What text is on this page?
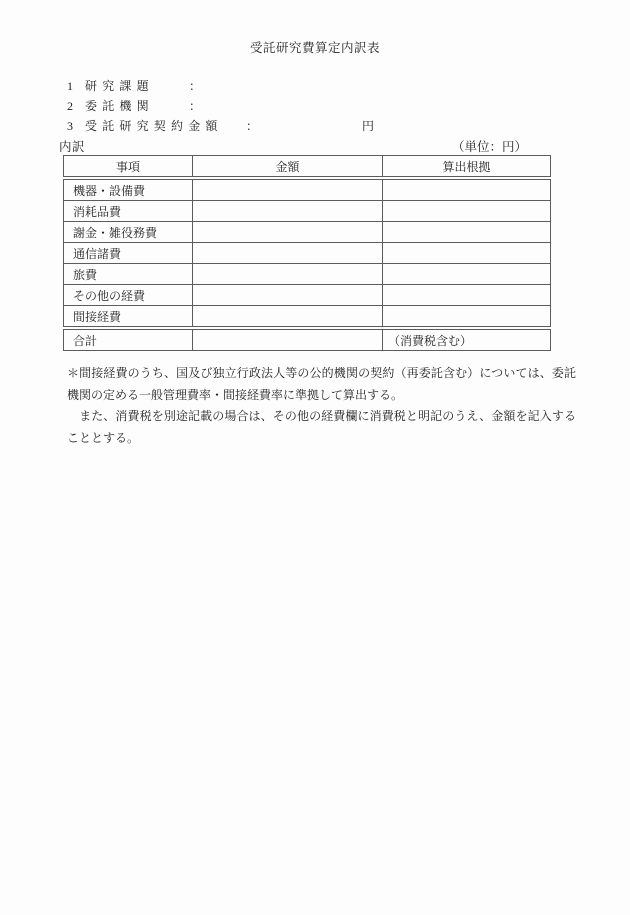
受託研究費算定内訳表
1 研究課題	：
2 委託機関	：
3 受託研究契約金額 ：	円
内訳	（単位：円）
事項	金額	算出根拠
機器・設備費		
消耗品費		
謝金・雑役務費		
通信諸費		
旅費		
その他の経費		
間接経費		
合計		（消費税含む）

＊間接経費のうち、国及び独立行政法人等の公的機関の契約（再委託含む）については、委託機関の定める一般管理費率・間接経費率に準拠して算出する。

　また、消費税を別途記載の場合は、その他の経費欄に消費税と明記のうえ、金額を記入することとする。
